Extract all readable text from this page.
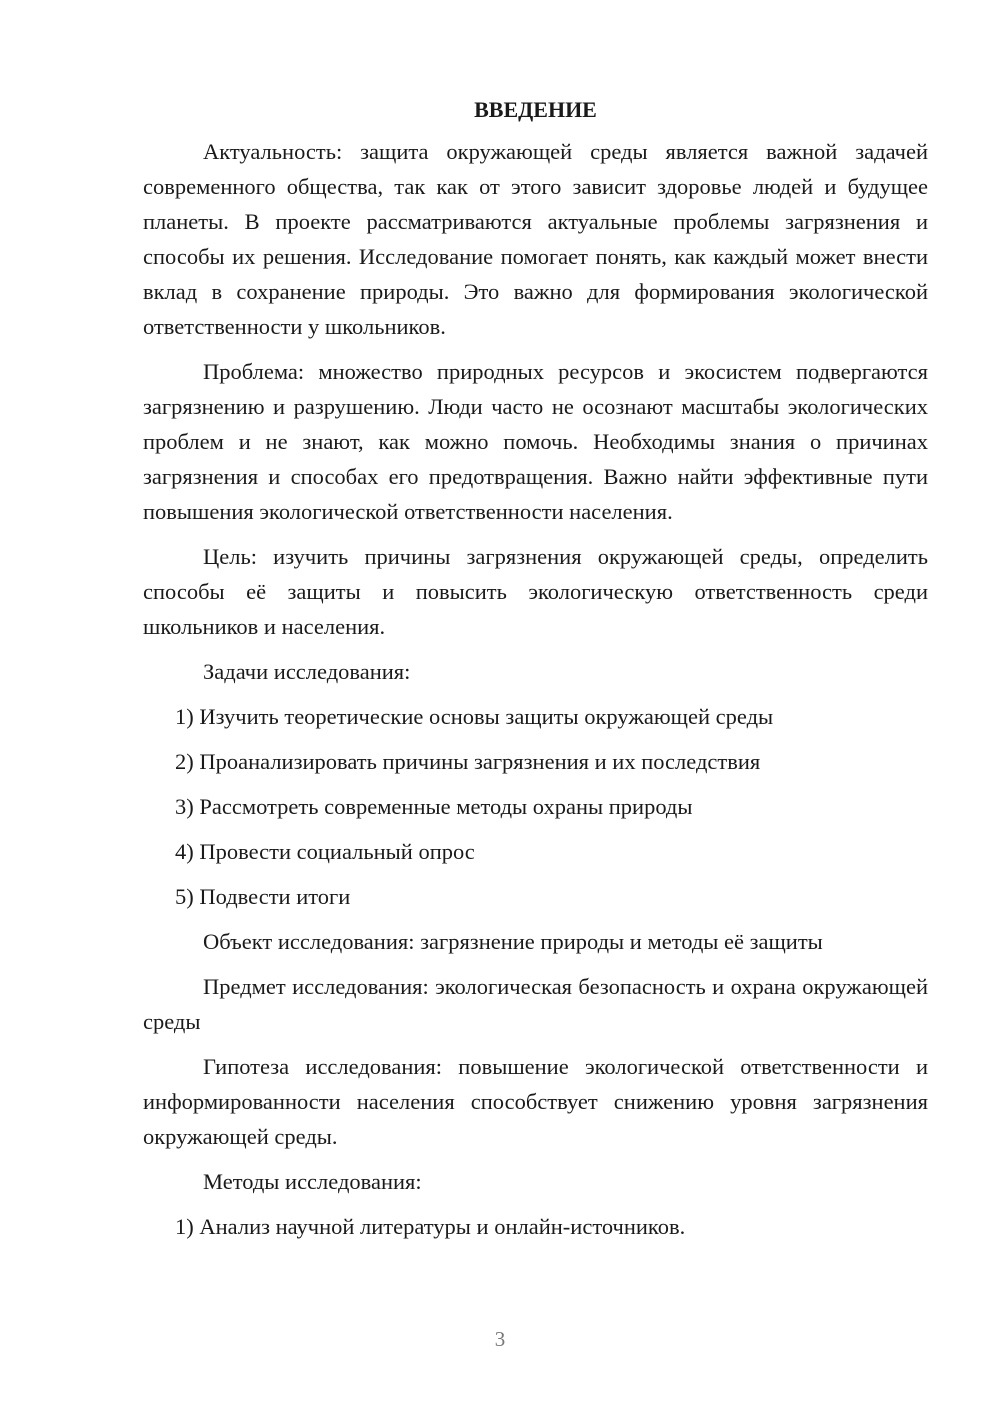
ВВЕДЕНИЕ

Актуальность: защита окружающей среды является важной задачей современного общества, так как от этого зависит здоровье людей и будущее планеты. В проекте рассматриваются актуальные проблемы загрязнения и способы их решения. Исследование помогает понять, как каждый может внести вклад в сохранение природы. Это важно для формирования экологической ответственности у школьников.

Проблема: множество природных ресурсов и экосистем подвергаются загрязнению и разрушению. Люди часто не осознают масштабы экологических проблем и не знают, как можно помочь. Необходимы знания о причинах загрязнения и способах его предотвращения. Важно найти эффективные пути повышения экологической ответственности населения.

Цель: изучить причины загрязнения окружающей среды, определить способы её защиты и повысить экологическую ответственность среди школьников и населения.

Задачи исследования:

1) Изучить теоретические основы защиты окружающей среды

2) Проанализировать причины загрязнения и их последствия

3) Рассмотреть современные методы охраны природы

4) Провести социальный опрос

5) Подвести итоги

Объект исследования: загрязнение природы и методы её защиты

Предмет исследования: экологическая безопасность и охрана окружающей среды

Гипотеза исследования: повышение экологической ответственности и информированности населения способствует снижению уровня загрязнения окружающей среды.

Методы исследования:

1) Анализ научной литературы и онлайн-источников.

3
